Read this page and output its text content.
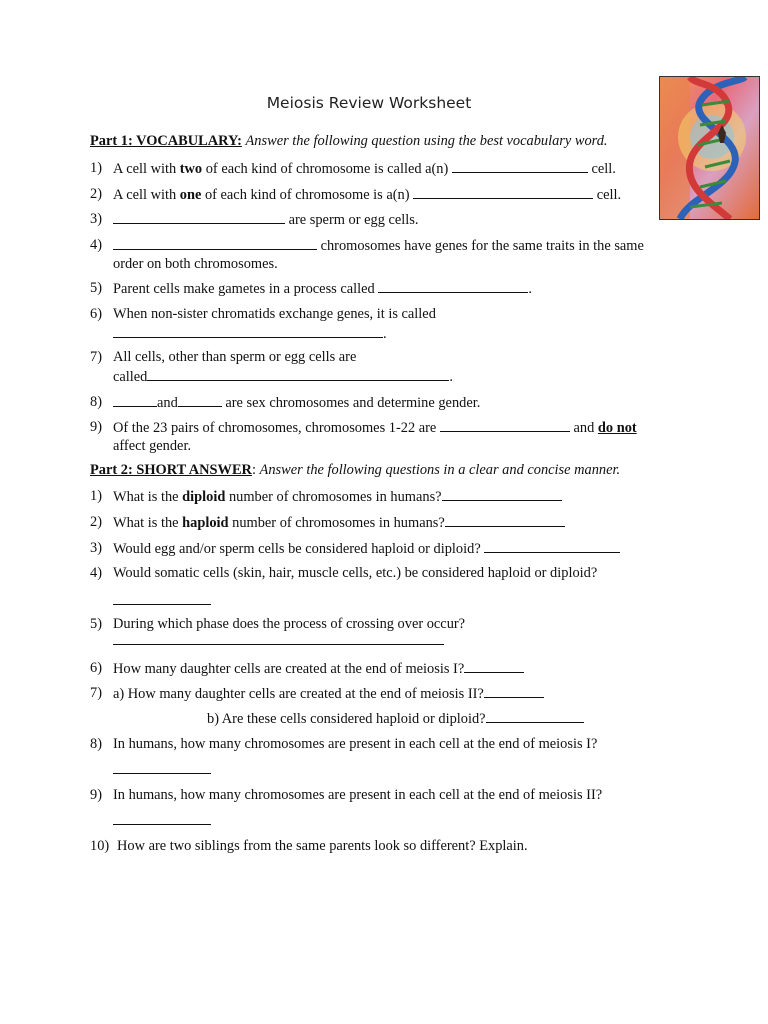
Meiosis Review Worksheet
Part 1: VOCABULARY: Answer the following question using the best vocabulary word.
1) A cell with two of each kind of chromosome is called a(n)	cell.
2) A cell with one of each kind of chromosome is a(n)	cell.
3)	are sperm or egg cells.
4)	chromosomes have genes for the same traits in the same
order on both chromosomes.
5) Parent cells make gametes in a process called	.
6) When non-sister chromatids exchange genes, it is called
.
7) All cells, other than sperm or egg cells are
called	.
8)	and	are sex chromosomes and determine gender.
9) Of the 23 pairs of chromosomes, chromosomes 1-22 are	and do not
affect gender.
Part 2: SHORT ANSWER: Answer the following questions in a clear and concise manner.
1) What is the diploid number of chromosomes in humans?
2) What is the haploid number of chromosomes in humans?
3) Would egg and/or sperm cells be considered haploid or diploid?
4) Would somatic cells (skin, hair, muscle cells, etc.) be considered haploid or diploid?
5) During which phase does the process of crossing over occur?
6) How many daughter cells are created at the end of meiosis I?
7) a) How many daughter cells are created at the end of meiosis II?
b) Are these cells considered haploid or diploid?
8) In humans, how many chromosomes are present in each cell at the end of meiosis I?
9) In humans, how many chromosomes are present in each cell at the end of meiosis II?
10) How are two siblings from the same parents look so different? Explain.
